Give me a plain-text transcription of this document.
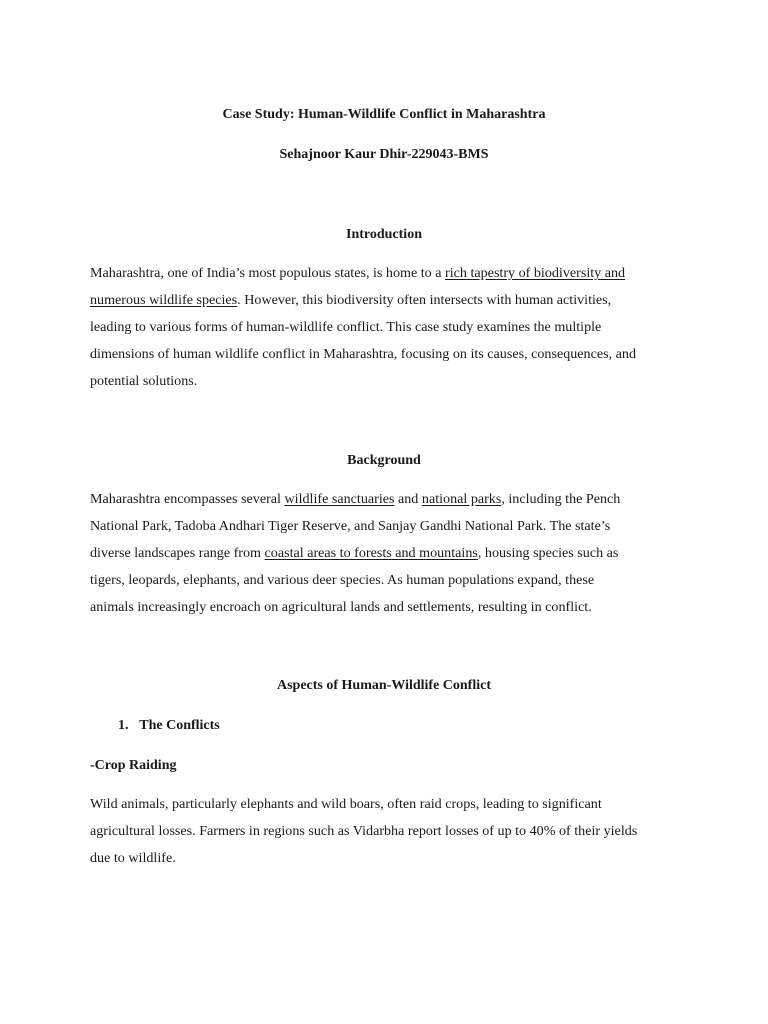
Case Study: Human-Wildlife Conflict in Maharashtra

Sehajnoor Kaur Dhir-229043-BMS

Introduction

Maharashtra, one of India’s most populous states, is home to a rich tapestry of biodiversity and
numerous wildlife species. However, this biodiversity often intersects with human activities,
leading to various forms of human-wildlife conflict. This case study examines the multiple
dimensions of human wildlife conflict in Maharashtra, focusing on its causes, consequences, and
potential solutions.

Background

Maharashtra encompasses several wildlife sanctuaries and national parks, including the Pench
National Park, Tadoba Andhari Tiger Reserve, and Sanjay Gandhi National Park. The state’s
diverse landscapes range from coastal areas to forests and mountains, housing species such as
tigers, leopards, elephants, and various deer species. As human populations expand, these
animals increasingly encroach on agricultural lands and settlements, resulting in conflict.

Aspects of Human-Wildlife Conflict

1. The Conflicts

-Crop Raiding

Wild animals, particularly elephants and wild boars, often raid crops, leading to significant
agricultural losses. Farmers in regions such as Vidarbha report losses of up to 40% of their yields
due to wildlife.
